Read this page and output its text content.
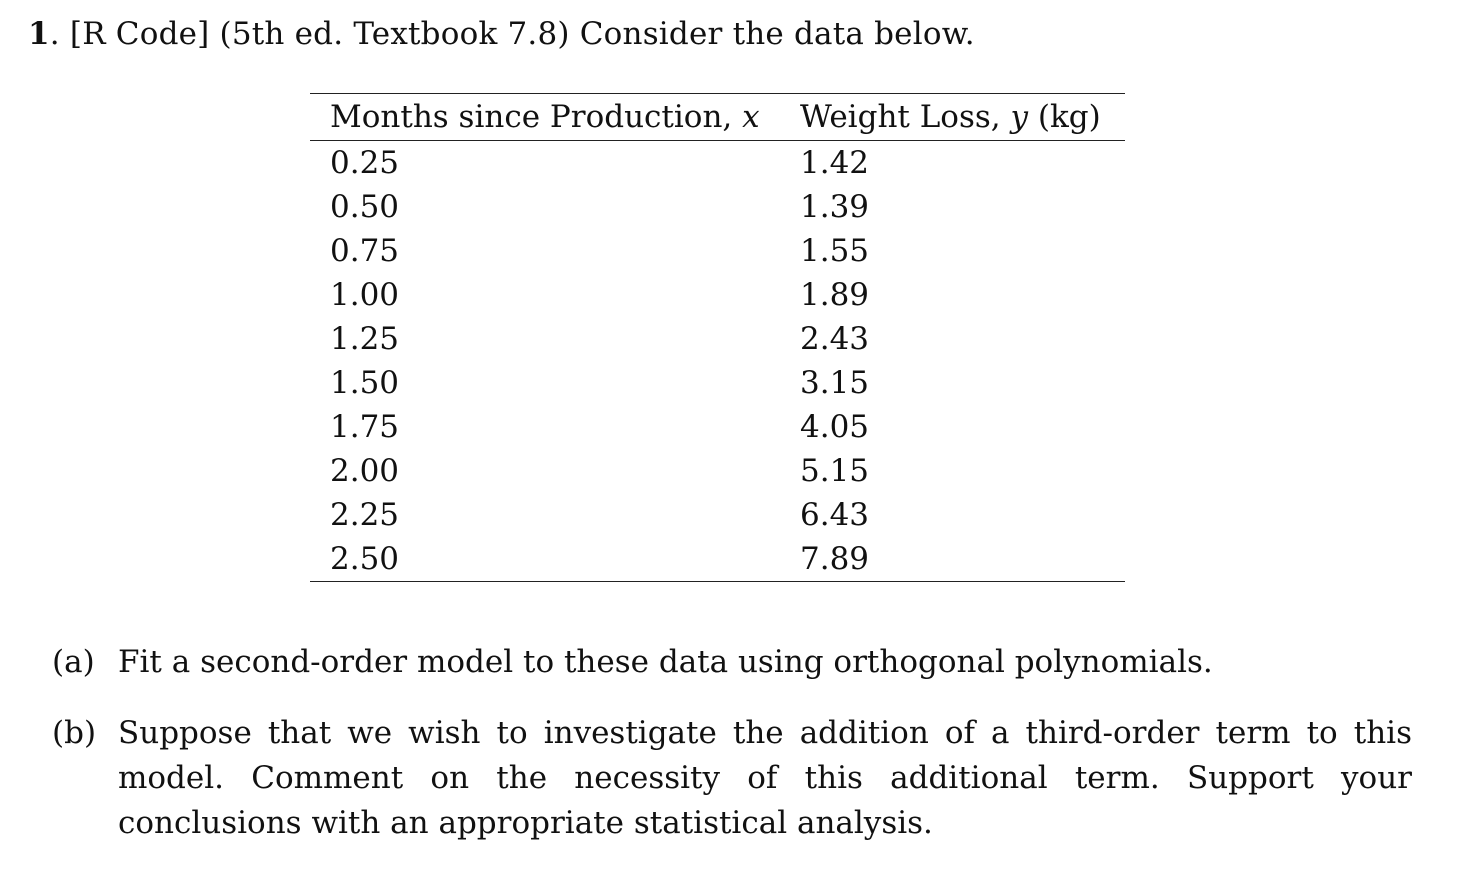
1. [R Code] (5th ed. Textbook 7.8) Consider the data below.
Months since Production, x	Weight Loss, y (kg)
0.25	1.42
0.50	1.39
0.75	1.55
1.00	1.89
1.25	2.43
1.50	3.15
1.75	4.05
2.00	5.15
2.25	6.43
2.50	7.89
(a) Fit a second-order model to these data using orthogonal polynomials.
(b) Suppose that we wish to investigate the addition of a third-order term to this model. Comment on the necessity of this additional term. Support your conclusions with an appropriate statistical analysis.
